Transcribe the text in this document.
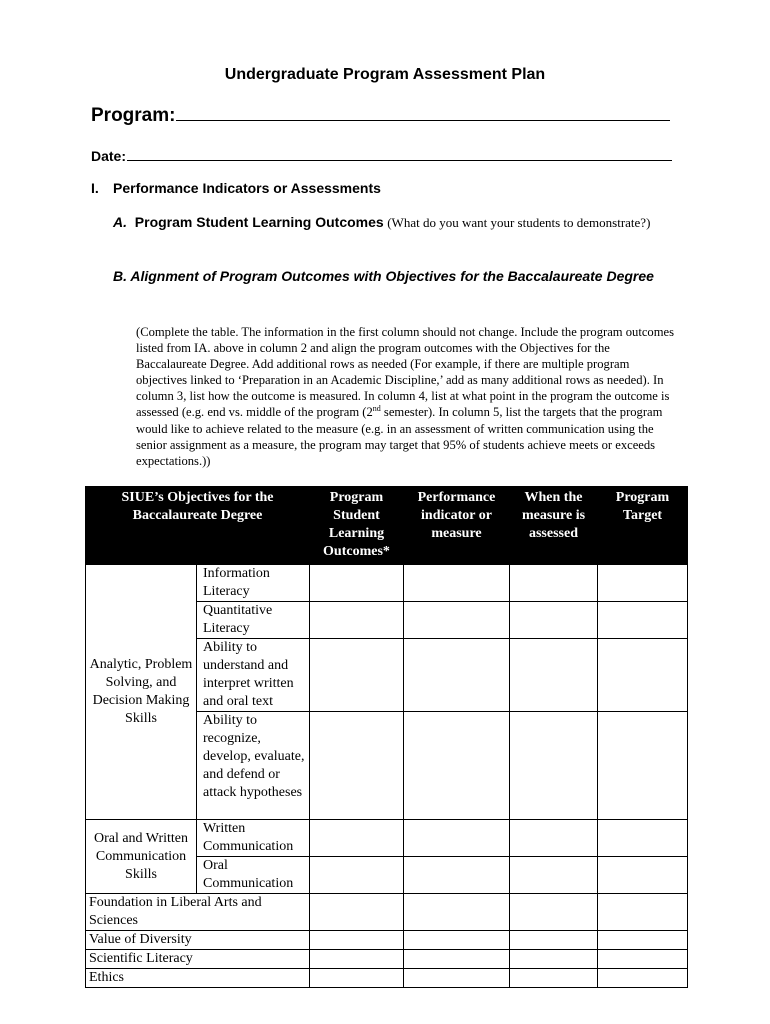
Undergraduate Program Assessment Plan
Program:
Date:
I. Performance Indicators or Assessments
A. Program Student Learning Outcomes (What do you want your students to demonstrate?)
B. Alignment of Program Outcomes with Objectives for the Baccalaureate Degree
(Complete the table. The information in the first column should not change. Include the program outcomes listed from IA. above in column 2 and align the program outcomes with the Objectives for the Baccalaureate Degree. Add additional rows as needed (For example, if there are multiple program objectives linked to ‘Preparation in an Academic Discipline,’ add as many additional rows as needed). In column 3, list how the outcome is measured. In column 4, list at what point in the program the outcome is assessed (e.g. end vs. middle of the program (2nd semester). In column 5, list the targets that the program would like to achieve related to the measure (e.g. in an assessment of written communication using the senior assignment as a measure, the program may target that 95% of students achieve meets or exceeds expectations.))
SIUE’s Objectives for the Baccalaureate Degree		Program Student Learning Outcomes*	Performance indicator or measure	When the measure is assessed	Program Target
Analytic, Problem Solving, and Decision Making Skills	Information Literacy				
	Quantitative Literacy				
	Ability to understand and interpret written and oral text				
	Ability to recognize, develop, evaluate, and defend or attack hypotheses				
Oral and Written Communication Skills	Written Communication				
	Oral Communication				
Foundation in Liberal Arts and Sciences					
Value of Diversity					
Scientific Literacy					
Ethics					
